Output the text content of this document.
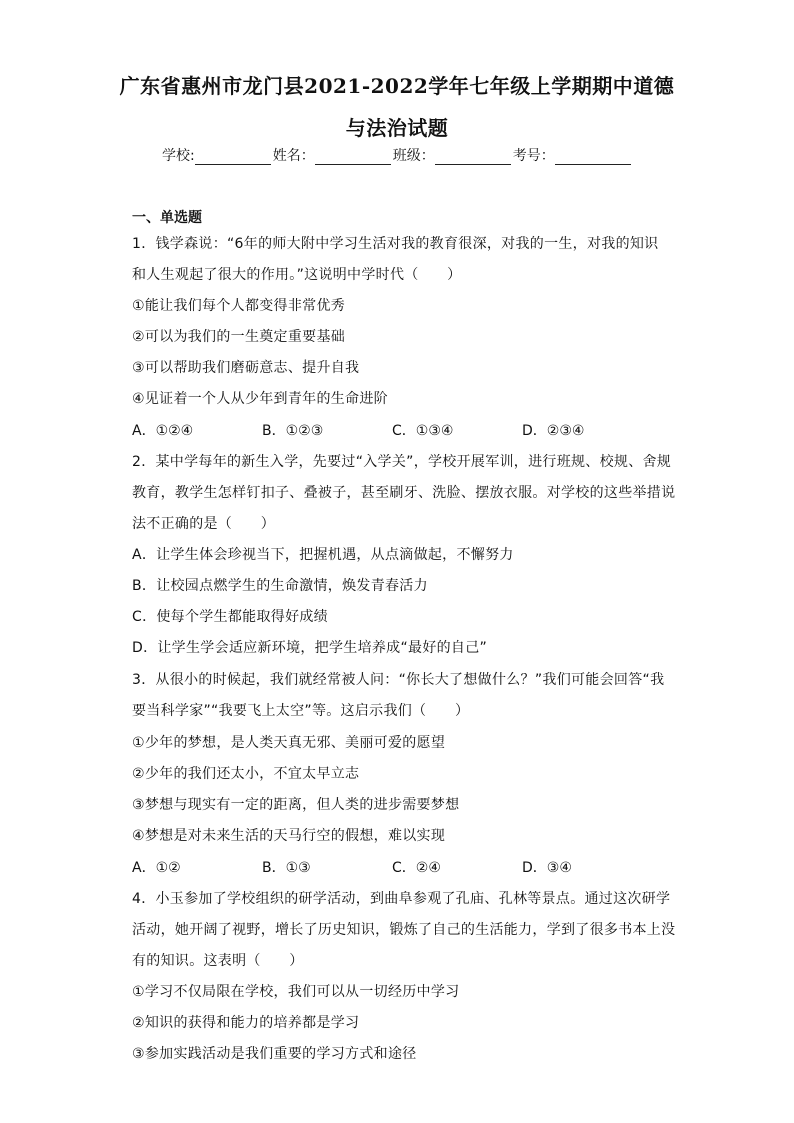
广东省惠州市龙门县2021-2022学年七年级上学期期中道德
与法治试题
学校:	姓名：	班级：	考号：
一、单选题
1．钱学森说：“6年的师大附中学习生活对我的教育很深，对我的一生，对我的知识
和人生观起了很大的作用。”这说明中学时代（　　）
①能让我们每个人都变得非常优秀
②可以为我们的一生奠定重要基础
③可以帮助我们磨砺意志、提升自我
④见证着一个人从少年到青年的生命进阶
A．①②④	B．①②③	C．①③④	D．②③④
2．某中学每年的新生入学，先要过“入学关”，学校开展军训，进行班规、校规、舍规
教育，教学生怎样钉扣子、叠被子，甚至刷牙、洗脸、摆放衣服。对学校的这些举措说
法不正确的是（　　）
A．让学生体会珍视当下，把握机遇，从点滴做起，不懈努力
B．让校园点燃学生的生命激情，焕发青春活力
C．使每个学生都能取得好成绩
D．让学生学会适应新环境，把学生培养成“最好的自己”
3．从很小的时候起，我们就经常被人问：“你长大了想做什么？”我们可能会回答“我
要当科学家”“我要飞上太空”等。这启示我们（　　）
①少年的梦想，是人类天真无邪、美丽可爱的愿望
②少年的我们还太小，不宜太早立志
③梦想与现实有一定的距离，但人类的进步需要梦想
④梦想是对未来生活的天马行空的假想，难以实现
A．①②	B．①③	C．②④	D．③④
4．小玉参加了学校组织的研学活动，到曲阜参观了孔庙、孔林等景点。通过这次研学
活动，她开阔了视野，增长了历史知识，锻炼了自己的生活能力，学到了很多书本上没
有的知识。这表明（　　）
①学习不仅局限在学校，我们可以从一切经历中学习
②知识的获得和能力的培养都是学习
③参加实践活动是我们重要的学习方式和途径
